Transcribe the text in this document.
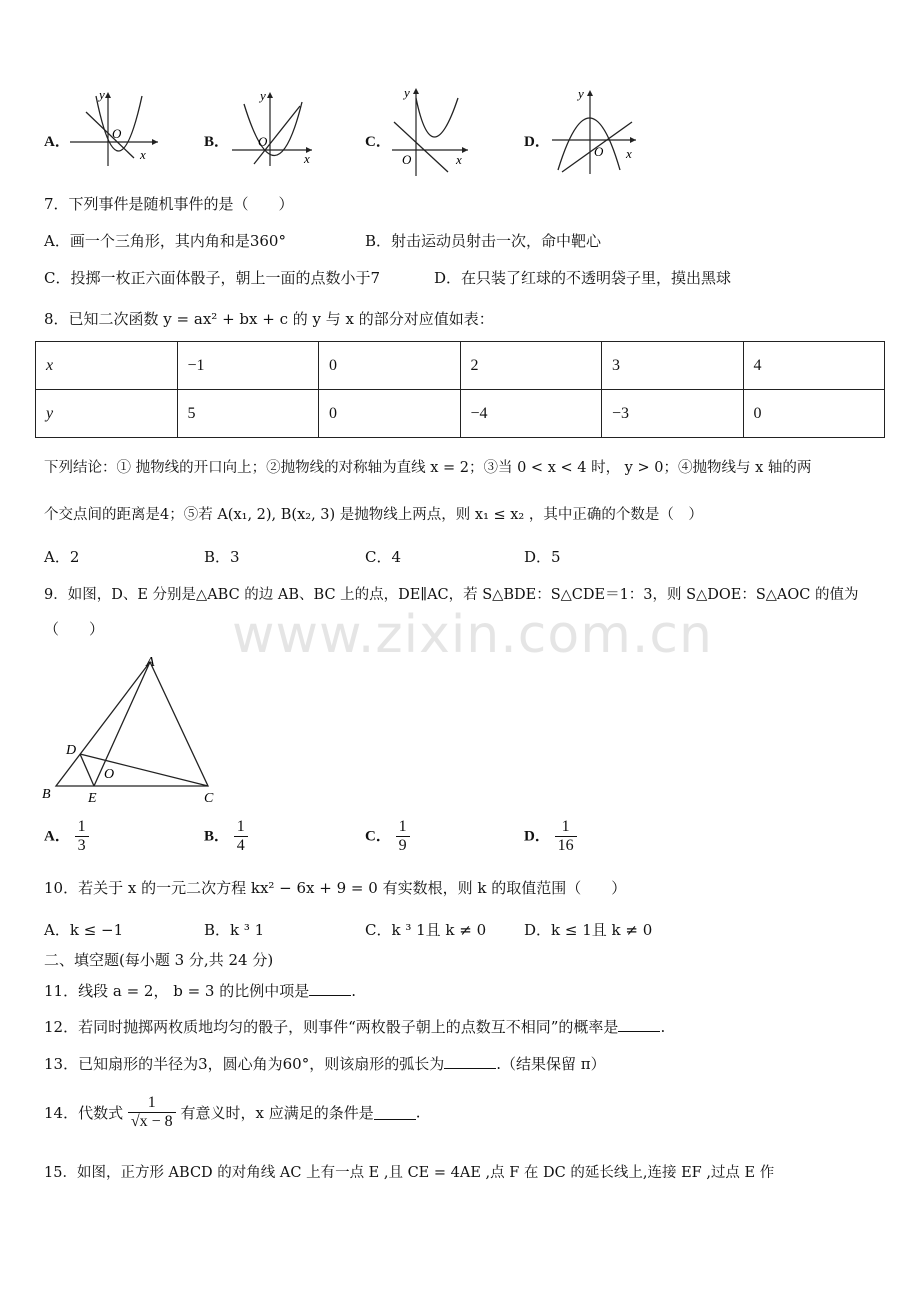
www.zixin.com.cn
A．
y
x
O
B．
y
x
O	C．
y
x
O
D．
y
x
O
7．下列事件是随机事件的是（　　）
A．画一个三角形，其内角和是360°	B．射击运动员射击一次，命中靶心
C．投掷一枚正六面体骰子，朝上一面的点数小于7	D．在只装了红球的不透明袋子里，摸出黑球
8．已知二次函数 y = ax² + bx + c 的 y 与 x 的部分对应值如表：
x	−1	0	2	3	4
y	5	0	−4	−3	0
下列结论：① 抛物线的开口向上；②抛物线的对称轴为直线 x = 2；③当 0 < x < 4 时， y > 0；④抛物线与 x 轴的两
个交点间的距离是4；⑤若 A(x₁, 2), B(x₂, 3) 是抛物线上两点，则 x₁ ≤ x₂ ，其中正确的个数是（　）
A．2	B．3	C．4	D．5
9．如图，D、E 分别是△ABC 的边 AB、BC 上的点，DE∥AC，若 S△BDE：S△CDE＝1：3，则 S△DOE：S△AOC 的值为
（　　）
A
B	C
D
E
O
A． $\frac{1}{3}$	B． $\frac{1}{4}$	C． $\frac{1}{9}$	D． $\frac{1}{16}$
10．若关于 x 的一元二次方程 kx² − 6x + 9 = 0 有实数根，则 k 的取值范围（　　）
A．k ≤ −1	B．k ³ 1	C．k ³ 1且 k ≠ 0	D．k ≤ 1且 k ≠ 0
二、填空题(每小题 3 分,共 24 分)
11．线段 a = 2， b = 3 的比例中项是	.
12．若同时抛掷两枚质地均匀的骰子，则事件“两枚骰子朝上的点数互不相同”的概率是	.
13．已知扇形的半径为3，圆心角为60°，则该扇形的弧长为	.（结果保留 π）
14．代数式 $\frac{1}{√x - 8}$ 有意义时，x 应满足的条件是	.
15．如图，正方形 ABCD 的对角线 AC 上有一点 E ,且 CE = 4AE ,点 F 在 DC 的延长线上,连接 EF ,过点 E 作
